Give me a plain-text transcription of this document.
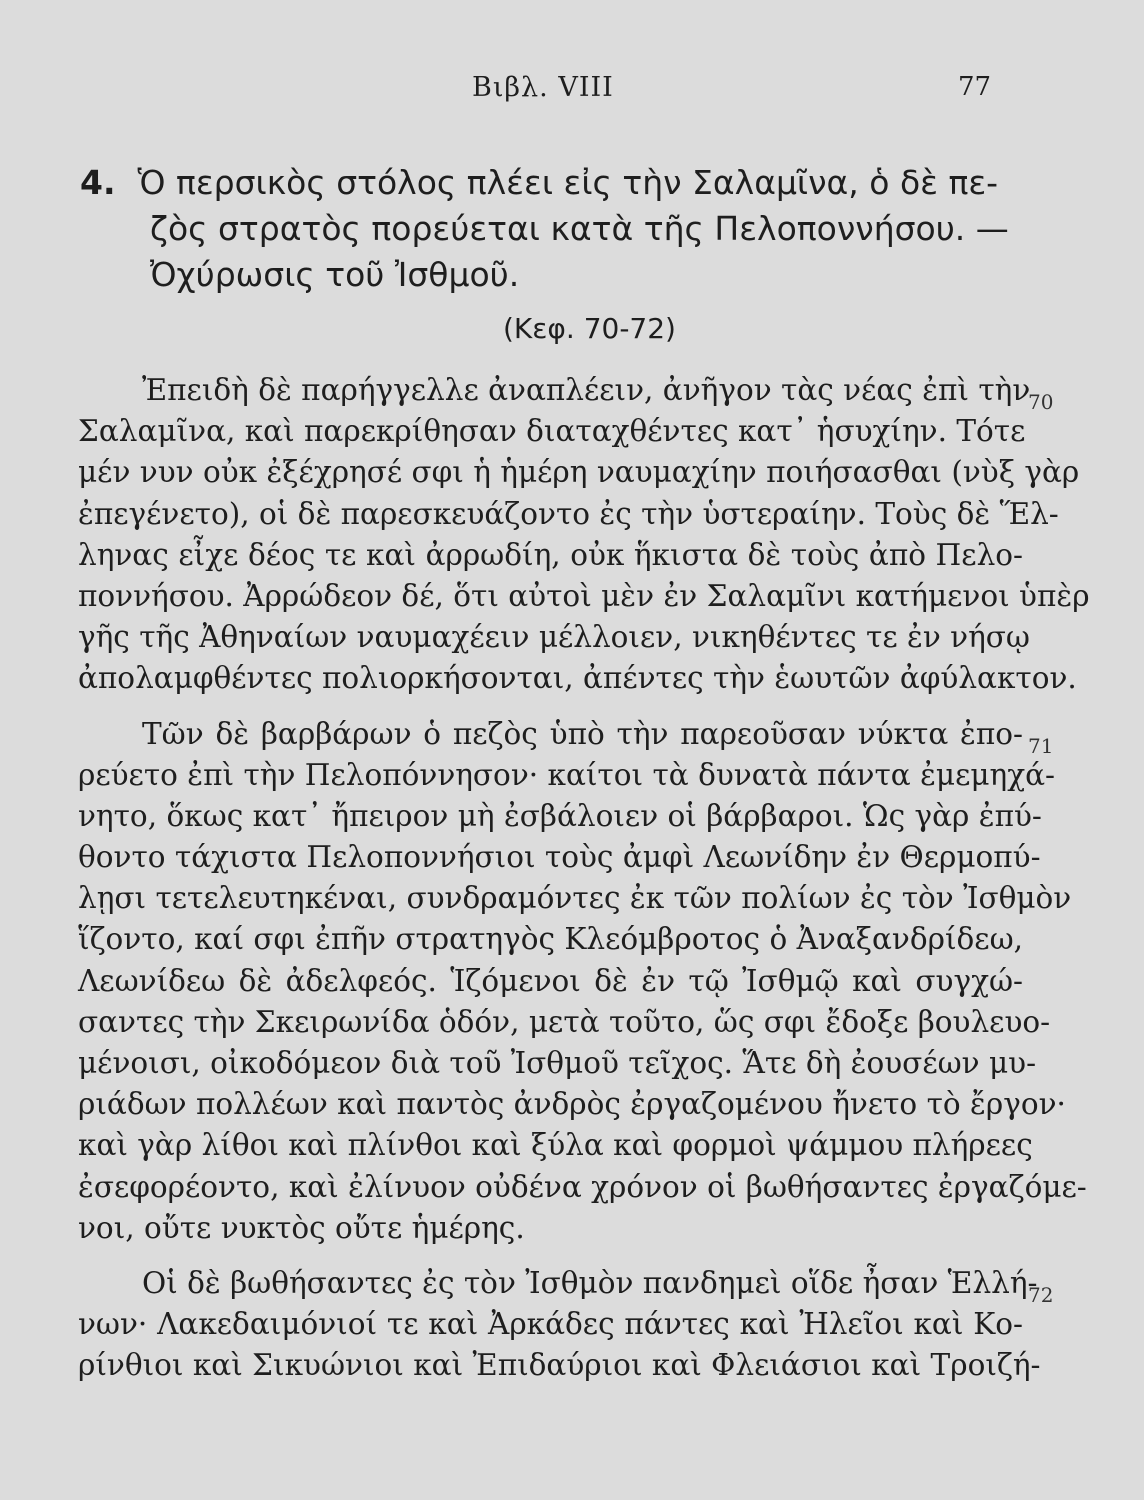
Βιβλ. VIII	77
4. Ὁ περσικὸς στόλος πλέει εἰς τὴν Σαλαμῖνα, ὁ δὲ πε-
ζὸς στρατὸς πορεύεται κατὰ τῆς Πελοποννήσου. —
Ὀχύρωσις τοῦ Ἰσθμοῦ.
(Κεφ. 70-72)
70
Ἐπειδὴ δὲ παρήγγελλε ἀναπλέειν, ἀνῆγον τὰς νέας ἐπὶ τὴν
Σαλαμῖνα, καὶ παρεκρίθησαν διαταχθέντες κατ᾽ ἡσυχίην. Τότε
μέν νυν οὐκ ἐξέχρησέ σφι ἡ ἡμέρη ναυμαχίην ποιήσασθαι (νὺξ γὰρ
ἐπεγένετο), οἱ δὲ παρεσκευάζοντο ἐς τὴν ὑστεραίην. Τοὺς δὲ Ἕλ-
ληνας εἶχε δέος τε καὶ ἀρρωδίη, οὐκ ἥκιστα δὲ τοὺς ἀπὸ Πελο-
ποννήσου. Ἀρρώδεον δέ, ὅτι αὐτοὶ μὲν ἐν Σαλαμῖνι κατήμενοι ὑπὲρ
γῆς τῆς Ἀθηναίων ναυμαχέειν μέλλοιεν, νικηθέντες τε ἐν νήσῳ
ἀπολαμφθέντες πολιορκήσονται, ἀπέντες τὴν ἑωυτῶν ἀφύλακτον.
71
Τῶν δὲ βαρβάρων ὁ πεζὸς ὑπὸ τὴν παρεοῦσαν νύκτα ἐπο-
ρεύετο ἐπὶ τὴν Πελοπόννησον· καίτοι τὰ δυνατὰ πάντα ἐμεμηχά-
νητο, ὅκως κατ᾽ ἤπειρον μὴ ἐσβάλοιεν οἱ βάρβαροι. Ὡς γὰρ ἐπύ-
θοντο τάχιστα Πελοποννήσιοι τοὺς ἀμφὶ Λεωνίδην ἐν Θερμοπύ-
λῃσι τετελευτηκέναι, συνδραμόντες ἐκ τῶν πολίων ἐς τὸν Ἰσθμὸν
ἵζοντο, καί σφι ἐπῆν στρατηγὸς Κλεόμβροτος ὁ Ἀναξανδρίδεω,
Λεωνίδεω δὲ ἀδελφεός. Ἱζόμενοι δὲ ἐν τῷ Ἰσθμῷ καὶ συγχώ-
σαντες τὴν Σκειρωνίδα ὁδόν, μετὰ τοῦτο, ὥς σφι ἔδοξε βουλευο-
μένοισι, οἰκοδόμεον διὰ τοῦ Ἰσθμοῦ τεῖχος. Ἅτε δὴ ἐουσέων μυ-
ριάδων πολλέων καὶ παντὸς ἀνδρὸς ἐργαζομένου ἤνετο τὸ ἔργον·
καὶ γὰρ λίθοι καὶ πλίνθοι καὶ ξύλα καὶ φορμοὶ ψάμμου πλήρεες
ἐσεφορέοντο, καὶ ἐλίνυον οὐδένα χρόνον οἱ βωθήσαντες ἐργαζόμε-
νοι, οὔτε νυκτὸς οὔτε ἡμέρης.
72
Οἱ δὲ βωθήσαντες ἐς τὸν Ἰσθμὸν πανδημεὶ οἵδε ἦσαν Ἑλλή-
νων· Λακεδαιμόνιοί τε καὶ Ἀρκάδες πάντες καὶ Ἠλεῖοι καὶ Κο-
ρίνθιοι καὶ Σικυώνιοι καὶ Ἐπιδαύριοι καὶ Φλειάσιοι καὶ Τροιζή-
